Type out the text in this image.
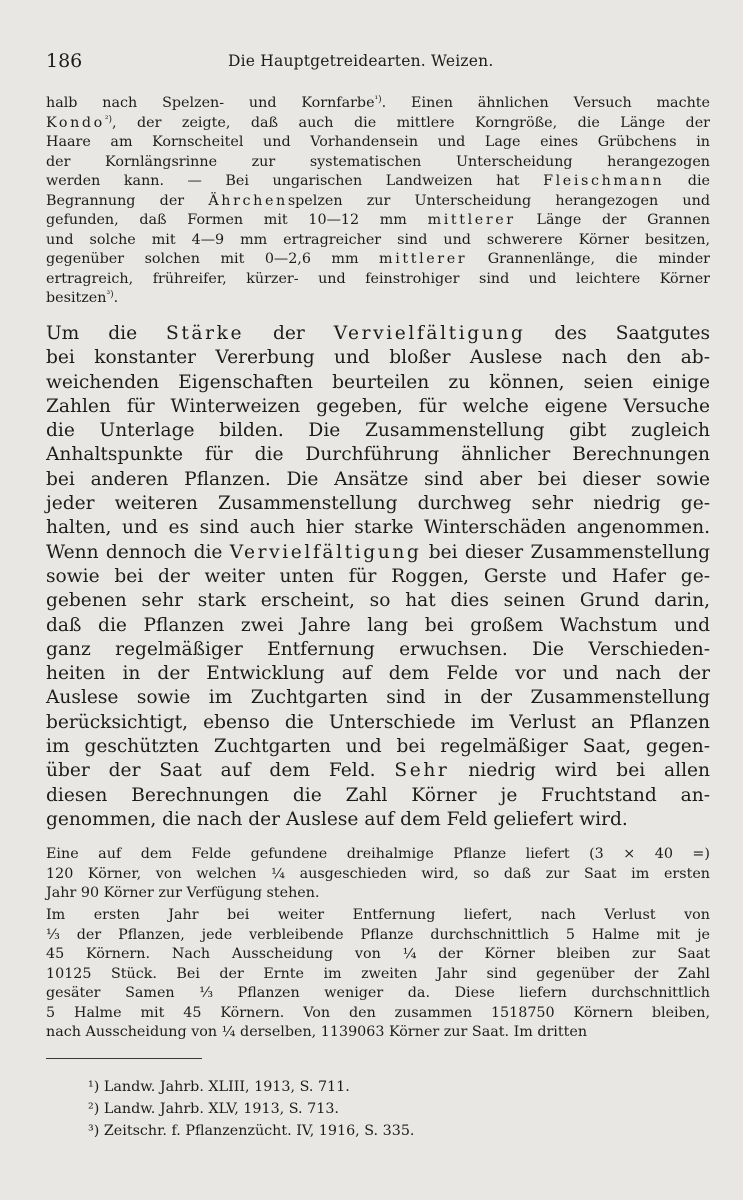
186	Die Hauptgetreidearten. Weizen.
halb nach Spelzen- und Kornfarbe$^{^1)}$. Einen ähnlichen Versuch machte
Kondo$^{^2)}$, der zeigte, daß auch die mittlere Korngröße, die Länge der
Haare am Kornscheitel und Vorhandensein und Lage eines Grübchens in
der Kornlängsrinne zur systematischen Unterscheidung herangezogen
werden kann. — Bei ungarischen Landweizen hat Fleischmann die
Begrannung der Ährchenspelzen zur Unterscheidung herangezogen und
gefunden, daß Formen mit 10—12 mm mittlerer Länge der Grannen
und solche mit 4—9 mm ertragreicher sind und schwerere Körner besitzen,
gegenüber solchen mit 0—2,6 mm mittlerer Grannenlänge, die minder
ertragreich, frühreifer, kürzer- und feinstrohiger sind und leichtere Körner
besitzen$^{^3)}$.
Um die Stärke der Vervielfältigung des Saatgutes
bei konstanter Vererbung und bloßer Auslese nach den ab-
weichenden Eigenschaften beurteilen zu können, seien einige
Zahlen für Winterweizen gegeben, für welche eigene Versuche
die Unterlage bilden. Die Zusammenstellung gibt zugleich
Anhaltspunkte für die Durchführung ähnlicher Berechnungen
bei anderen Pflanzen. Die Ansätze sind aber bei dieser sowie
jeder weiteren Zusammenstellung durchweg sehr niedrig ge-
halten, und es sind auch hier starke Winterschäden angenommen.
Wenn dennoch die Vervielfältigung bei dieser Zusammenstellung
sowie bei der weiter unten für Roggen, Gerste und Hafer ge-
gebenen sehr stark erscheint, so hat dies seinen Grund darin,
daß die Pflanzen zwei Jahre lang bei großem Wachstum und
ganz regelmäßiger Entfernung erwuchsen. Die Verschieden-
heiten in der Entwicklung auf dem Felde vor und nach der
Auslese sowie im Zuchtgarten sind in der Zusammenstellung
berücksichtigt, ebenso die Unterschiede im Verlust an Pflanzen
im geschützten Zuchtgarten und bei regelmäßiger Saat, gegen-
über der Saat auf dem Feld. Sehr niedrig wird bei allen
diesen Berechnungen die Zahl Körner je Fruchtstand an-
genommen, die nach der Auslese auf dem Feld geliefert wird.
Eine auf dem Felde gefundene dreihalmige Pflanze liefert (3 × 40 =)
120 Körner, von welchen ¼ ausgeschieden wird, so daß zur Saat im ersten
Jahr 90 Körner zur Verfügung stehen.
Im ersten Jahr bei weiter Entfernung liefert, nach Verlust von
⅓ der Pflanzen, jede verbleibende Pflanze durchschnittlich 5 Halme mit je
45 Körnern. Nach Ausscheidung von ¼ der Körner bleiben zur Saat
10125 Stück. Bei der Ernte im zweiten Jahr sind gegenüber der Zahl
gesäter Samen ⅓ Pflanzen weniger da. Diese liefern durchschnittlich
5 Halme mit 45 Körnern. Von den zusammen 1518750 Körnern bleiben,
nach Ausscheidung von ¼ derselben, 1139063 Körner zur Saat. Im dritten
¹) Landw. Jahrb. XLIII, 1913, S. 711.
²) Landw. Jahrb. XLV, 1913, S. 713.
³) Zeitschr. f. Pflanzenzücht. IV, 1916, S. 335.
